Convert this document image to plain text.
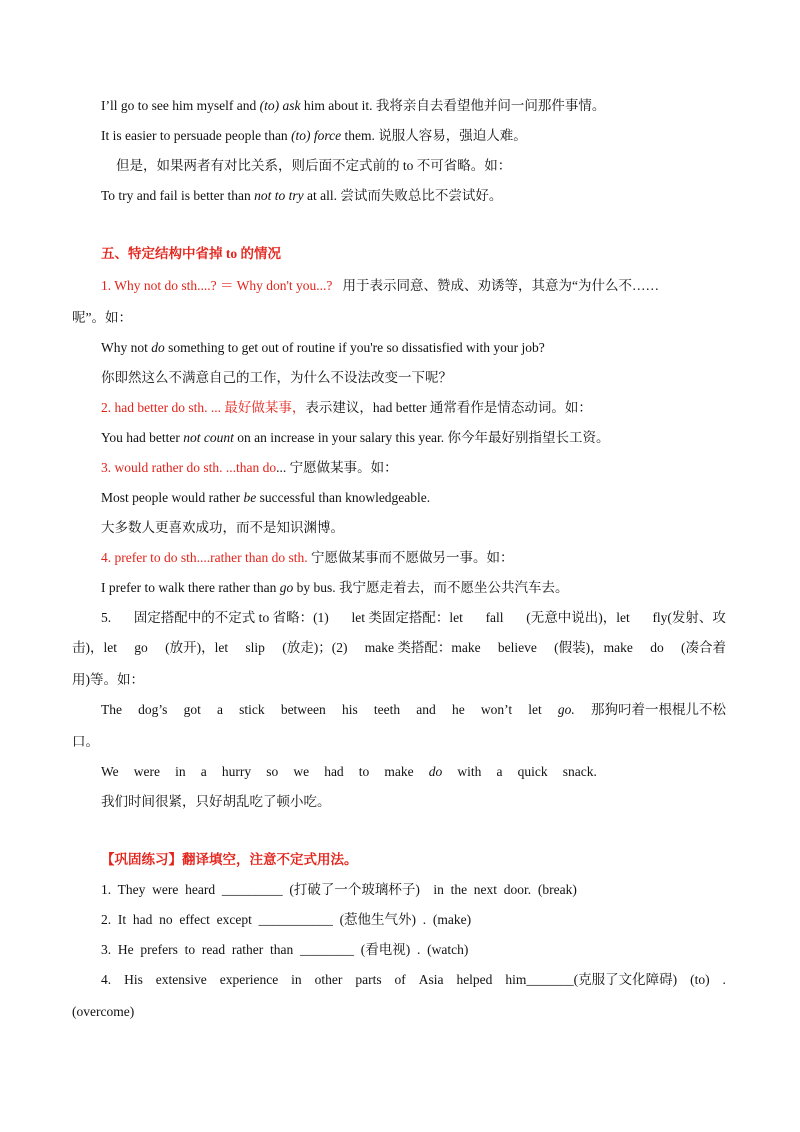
I’ll go to see him myself and (to) ask him about it. 我将亲自去看望他并问一问那件事情。
It is easier to persuade people than (to) force them. 说服人容易，强迫人难。
但是，如果两者有对比关系，则后面不定式前的 to 不可省略。如：
To try and fail is better than not to try at all. 尝试而失败总比不尝试好。
五、特定结构中省掉 to 的情况
1. Why not do sth....? ＝ Why don't you...? 用于表示同意、赞成、劝诱等，其意为“为什么不……
呢”。如：
Why not do something to get out of routine if you're so dissatisfied with your job?
你即然这么不满意自己的工作，为什么不设法改变一下呢？
2. had better do sth. ... 最好做某事，表示建议，had better 通常看作是情态动词。如：
You had better not count on an increase in your salary this year. 你今年最好别指望长工资。
3. would rather do sth. ...than do... 宁愿做某事。如：
Most people would rather be successful than knowledgeable.
大多数人更喜欢成功，而不是知识渊博。
4. prefer to do sth....rather than do sth. 宁愿做某事而不愿做另一事。如：
I prefer to walk there rather than go by bus. 我宁愿走着去，而不愿坐公共汽车去。
5. 固定搭配中的不定式 to 省略：(1) let 类固定搭配：let fall (无意中说出)，let fly(发射、攻
击)，let go (放开)，let slip (放走)；(2) make 类搭配：make believe (假装)，make do (凑合着
用)等。如：
The dog’s got a stick between his teeth and he won’t let go. 那狗叼着一根棍儿不松
口。
We were in a hurry so we had to make do with a quick snack.
我们时间很紧，只好胡乱吃了顿小吃。
【巩固练习】翻译填空，注意不定式用法。
1.  They  were  heard  _________  (打破了一个玻璃杯子)    in  the  next  door.  (break)
2.  It  had  no  effect  except  ___________  (惹他生气外)  .  (make)
3.  He  prefers  to  read  rather  than  ________  (看电视)  .  (watch)
4. His extensive experience in other parts of Asia helped him_______(克服了文化障碍) (to) .
(overcome)
